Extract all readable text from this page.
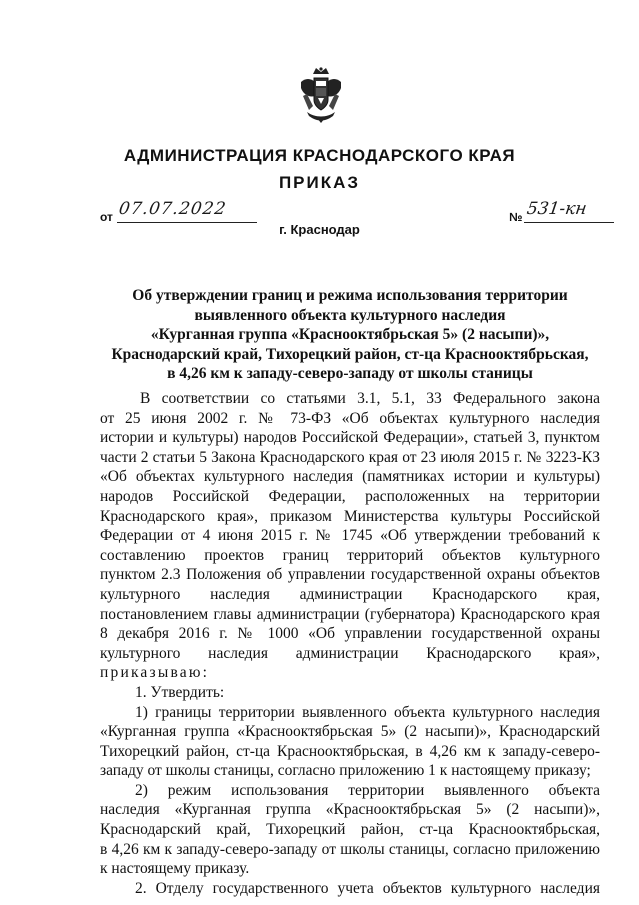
АДМИНИСТРАЦИЯ КРАСНОДАРСКОГО КРАЯ
ПРИКАЗ
от 07.07.2022	№ 531-кн
г. Краснодар
Об утверждении границ и режима использования территории
выявленного объекта культурного наследия
«Курганная группа «Краснооктябрьская 5» (2 насыпи)»,
Краснодарский край, Тихорецкий район, ст-ца Краснооктябрьская,
в 4,26 км к западу-северо-западу от школы станицы
В соответствии со статьями 3.1, 5.1, 33 Федерального закона
от 25 июня 2002 г. № 73-ФЗ «Об объектах культурного наследия
истории и культуры) народов Российской Федерации», статьей 3, пунктом
части 2 статьи 5 Закона Краснодарского края от 23 июля 2015 г. № 3223-КЗ
«Об объектах культурного наследия (памятниках истории и культуры)
народов Российской Федерации, расположенных на территории
Краснодарского края», приказом Министерства культуры Российской
Федерации от 4 июня 2015 г. № 1745 «Об утверждении требований к
составлению проектов границ территорий объектов культурного
пунктом 2.3 Положения об управлении государственной охраны объектов
культурного наследия администрации Краснодарского края,
постановлением главы администрации (губернатора) Краснодарского края
8 декабря 2016 г. № 1000 «Об управлении государственной охраны
культурного наследия администрации Краснодарского края»,
приказываю:
1. Утвердить:
1) границы территории выявленного объекта культурного наследия
«Курганная группа «Краснооктябрьская 5» (2 насыпи)», Краснодарский
Тихорецкий район, ст-ца Краснооктябрьская, в 4,26 км к западу-северо-
западу от школы станицы, согласно приложению 1 к настоящему приказу;
2) режим использования территории выявленного объекта
наследия «Курганная группа «Краснооктябрьская 5» (2 насыпи)»,
Краснодарский край, Тихорецкий район, ст-ца Краснооктябрьская,
в 4,26 км к западу-северо-западу от школы станицы, согласно приложению
к настоящему приказу.
2. Отделу государственного учета объектов культурного наследия
